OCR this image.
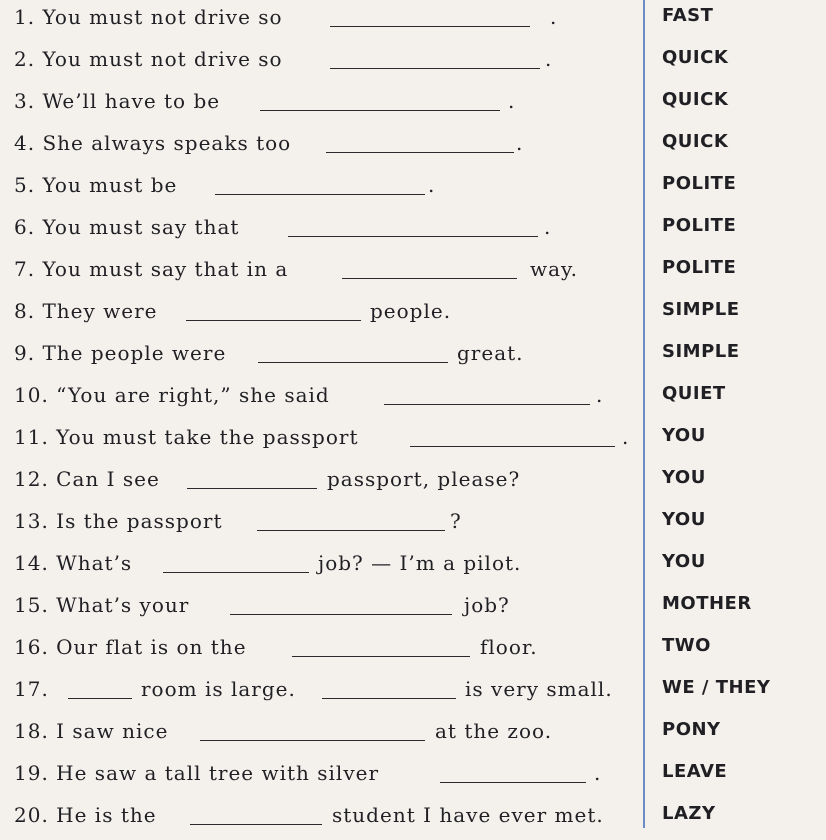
1. You must not drive so	.	FAST
2. You must not drive so	.	QUICK
3. We’ll have to be	.	QUICK
4. She always speaks too	.	QUICK
5. You must be	.	POLITE
6. You must say that	.	POLITE
7. You must say that in a	way.	POLITE
8. They were	people.	SIMPLE
9. The people were	great.	SIMPLE
10. “You are right,” she said	.	QUIET
11. You must take the passport	. YOU
12. Can I see	passport, please?	YOU
13. Is the passport	?	YOU
14. What’s	job? — I’m a pilot.	YOU
15. What’s your	job?	MOTHER
16. Our flat is on the	floor.	TWO
17.	room is large.	is very small.	WE / THEY
18. I saw nice	at the zoo.	PONY
19. He saw a tall tree with silver	.	LEAVE
20. He is the	student I have ever met.	LAZY
